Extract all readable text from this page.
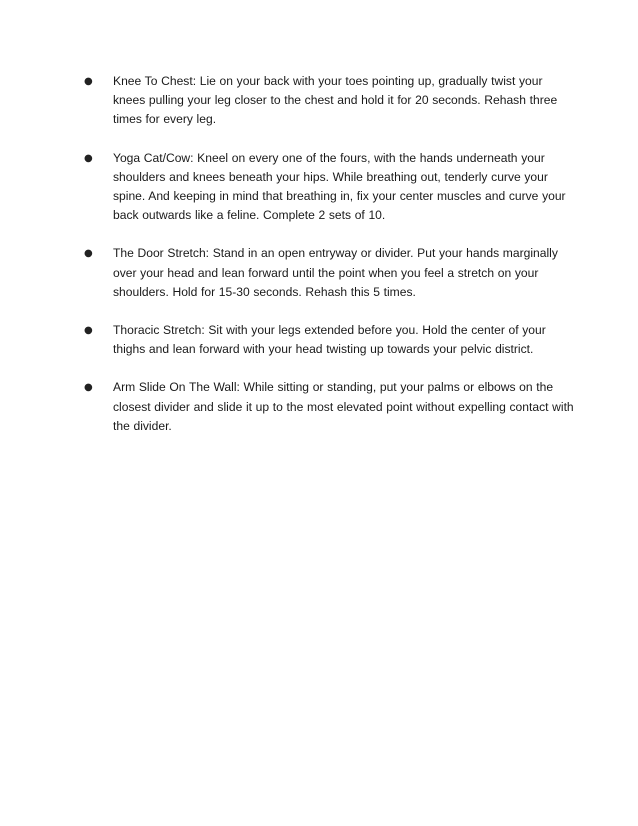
●	Knee To Chest: Lie on your back with your toes pointing up, gradually twist your knees pulling your leg closer to the chest and hold it for 20 seconds. Rehash three times for every leg.
●	Yoga Cat/Cow: Kneel on every one of the fours, with the hands underneath your shoulders and knees beneath your hips. While breathing out, tenderly curve your spine. And keeping in mind that breathing in, fix your center muscles and curve your back outwards like a feline. Complete 2 sets of 10.
●	The Door Stretch: Stand in an open entryway or divider. Put your hands marginally over your head and lean forward until the point when you feel a stretch on your shoulders. Hold for 15-30 seconds. Rehash this 5 times.
●	Thoracic Stretch: Sit with your legs extended before you. Hold the center of your thighs and lean forward with your head twisting up towards your pelvic district.
●	Arm Slide On The Wall: While sitting or standing, put your palms or elbows on the closest divider and slide it up to the most elevated point without expelling contact with the divider.
